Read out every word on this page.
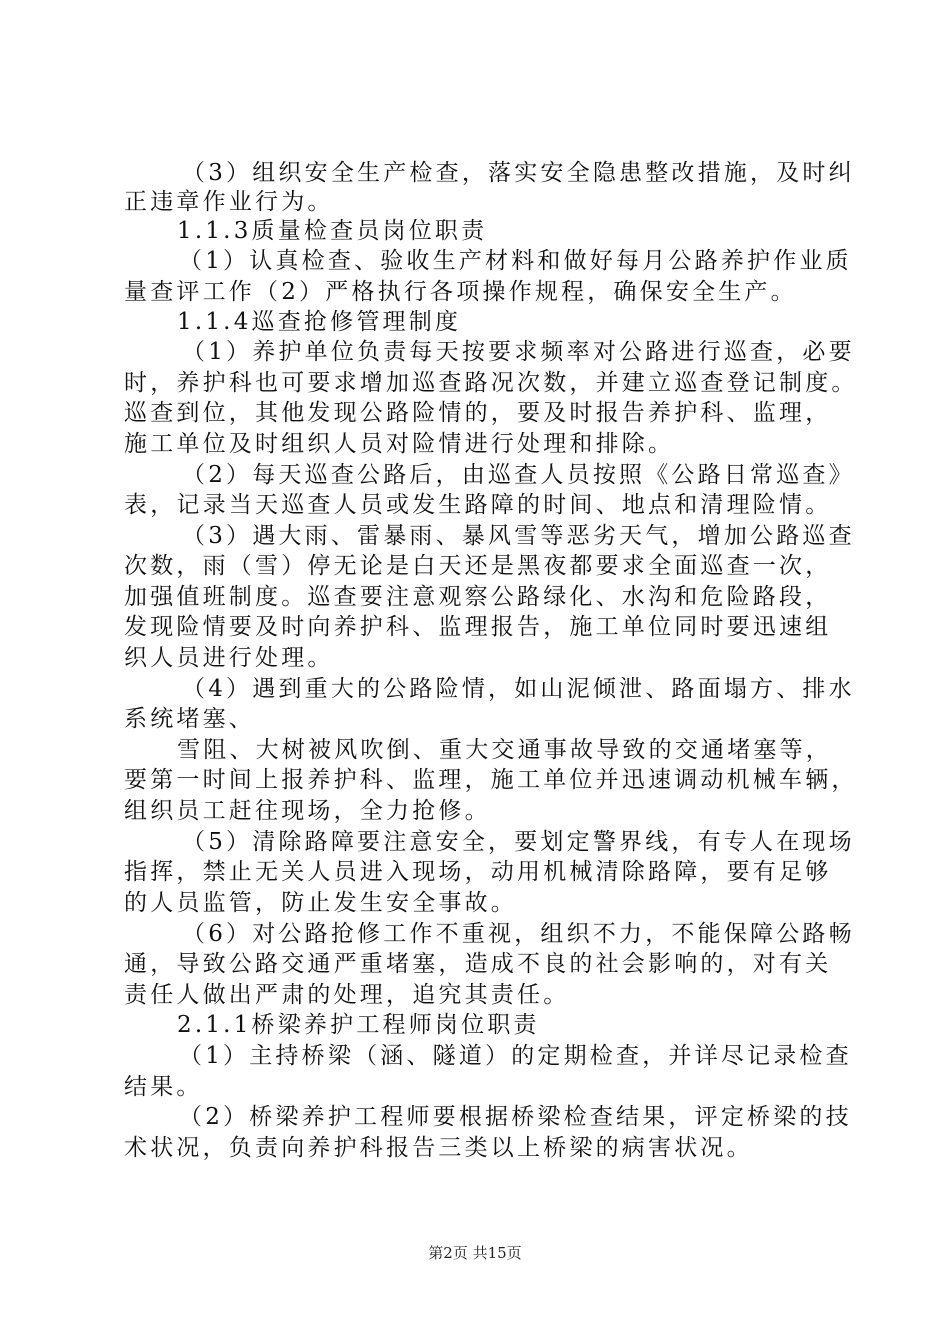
（3）组织安全生产检查，落实安全隐患整改措施，及时纠
正违章作业行为。
1.1.3质量检查员岗位职责
（1）认真检查、验收生产材料和做好每月公路养护作业质
量查评工作（2）严格执行各项操作规程，确保安全生产。
1.1.4巡查抢修管理制度
（1）养护单位负责每天按要求频率对公路进行巡查，必要
时，养护科也可要求增加巡查路况次数，并建立巡查登记制度。
巡查到位，其他发现公路险情的，要及时报告养护科、监理，
施工单位及时组织人员对险情进行处理和排除。
（2）每天巡查公路后，由巡查人员按照《公路日常巡查》
表，记录当天巡查人员或发生路障的时间、地点和清理险情。
（3）遇大雨、雷暴雨、暴风雪等恶劣天气，增加公路巡查
次数，雨（雪）停无论是白天还是黑夜都要求全面巡查一次，
加强值班制度。巡查要注意观察公路绿化、水沟和危险路段，
发现险情要及时向养护科、监理报告，施工单位同时要迅速组
织人员进行处理。
（4）遇到重大的公路险情，如山泥倾泄、路面塌方、排水
系统堵塞、
雪阻、大树被风吹倒、重大交通事故导致的交通堵塞等，
要第一时间上报养护科、监理，施工单位并迅速调动机械车辆，
组织员工赶往现场，全力抢修。
（5）清除路障要注意安全，要划定警界线，有专人在现场
指挥，禁止无关人员进入现场，动用机械清除路障，要有足够
的人员监管，防止发生安全事故。
（6）对公路抢修工作不重视，组织不力，不能保障公路畅
通，导致公路交通严重堵塞，造成不良的社会影响的，对有关
责任人做出严肃的处理，追究其责任。
2.1.1桥梁养护工程师岗位职责
（1）主持桥梁（涵、隧道）的定期检查，并详尽记录检查
结果。
（2）桥梁养护工程师要根据桥梁检查结果，评定桥梁的技
术状况，负责向养护科报告三类以上桥梁的病害状况。
第2页 共15页
